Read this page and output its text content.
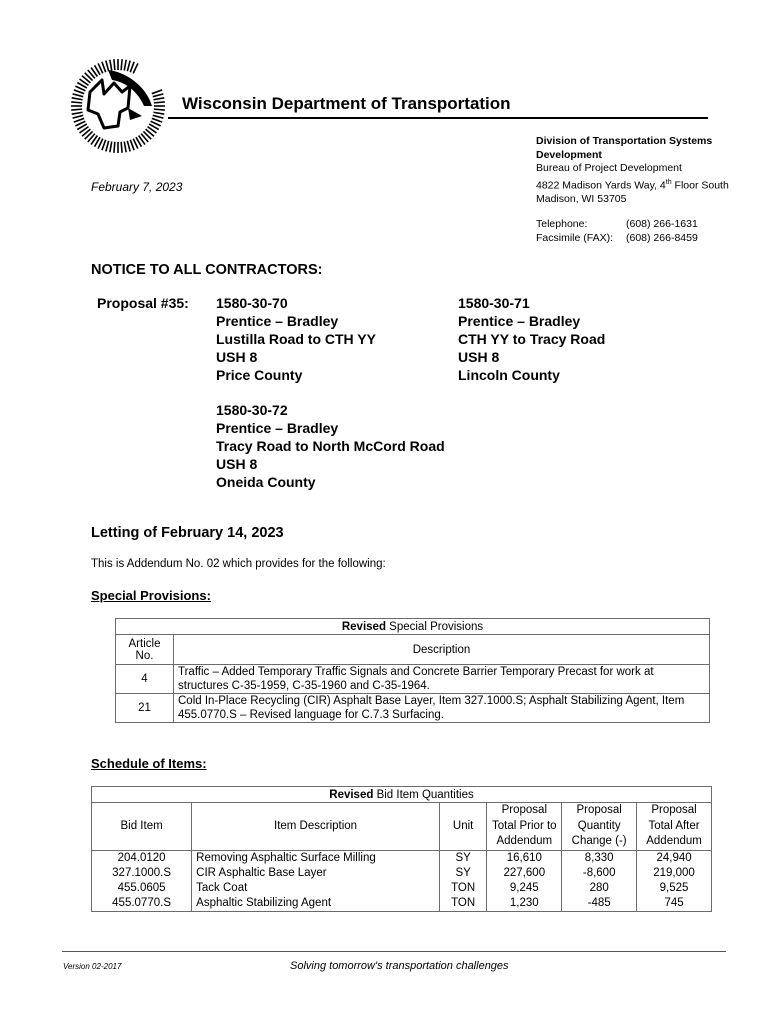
Wisconsin Department of Transportation
Division of Transportation Systems
Development
Bureau of Project Development
4822 Madison Yards Way, 4th Floor South
Madison, WI 53705
Telephone:	(608) 266-1631
Facsimile (FAX): (608) 266-8459
February 7, 2023
NOTICE TO ALL CONTRACTORS:
Proposal #35: 1580-30-70
Prentice – Bradley
Lustilla Road to CTH YY
USH 8
Price County
1580-30-71
Prentice – Bradley
CTH YY to Tracy Road
USH 8
Lincoln County
1580-30-72
Prentice – Bradley
Tracy Road to North McCord Road
USH 8
Oneida County
Letting of February 14, 2023
This is Addendum No. 02 which provides for the following:
Special Provisions:
Revised Special Provisions	
Article No.	Description
4	Traffic – Added Temporary Traffic Signals and Concrete Barrier Temporary Precast for work at structures C-35-1959, C-35-1960 and C-35-1964.
21	Cold In-Place Recycling (CIR) Asphalt Base Layer, Item 327.1000.S; Asphalt Stabilizing Agent, Item 455.0770.S – Revised language for C.7.3 Surfacing.
Schedule of Items:
Revised Bid Item Quantities					
Bid Item	Item Description	Unit	Proposal Total Prior to Addendum	Proposal Quantity Change (-)	Proposal Total After Addendum
204.0120	Removing Asphaltic Surface Milling	SY	16,610	8,330	24,940
327.1000.S	CIR Asphaltic Base Layer	SY	227,600	-8,600	219,000
455.0605	Tack Coat	TON	9,245	280	9,525
455.0770.S	Asphaltic Stabilizing Agent	TON	1,230	-485	745
Version 02-2017	Solving tomorrow's transportation challenges
